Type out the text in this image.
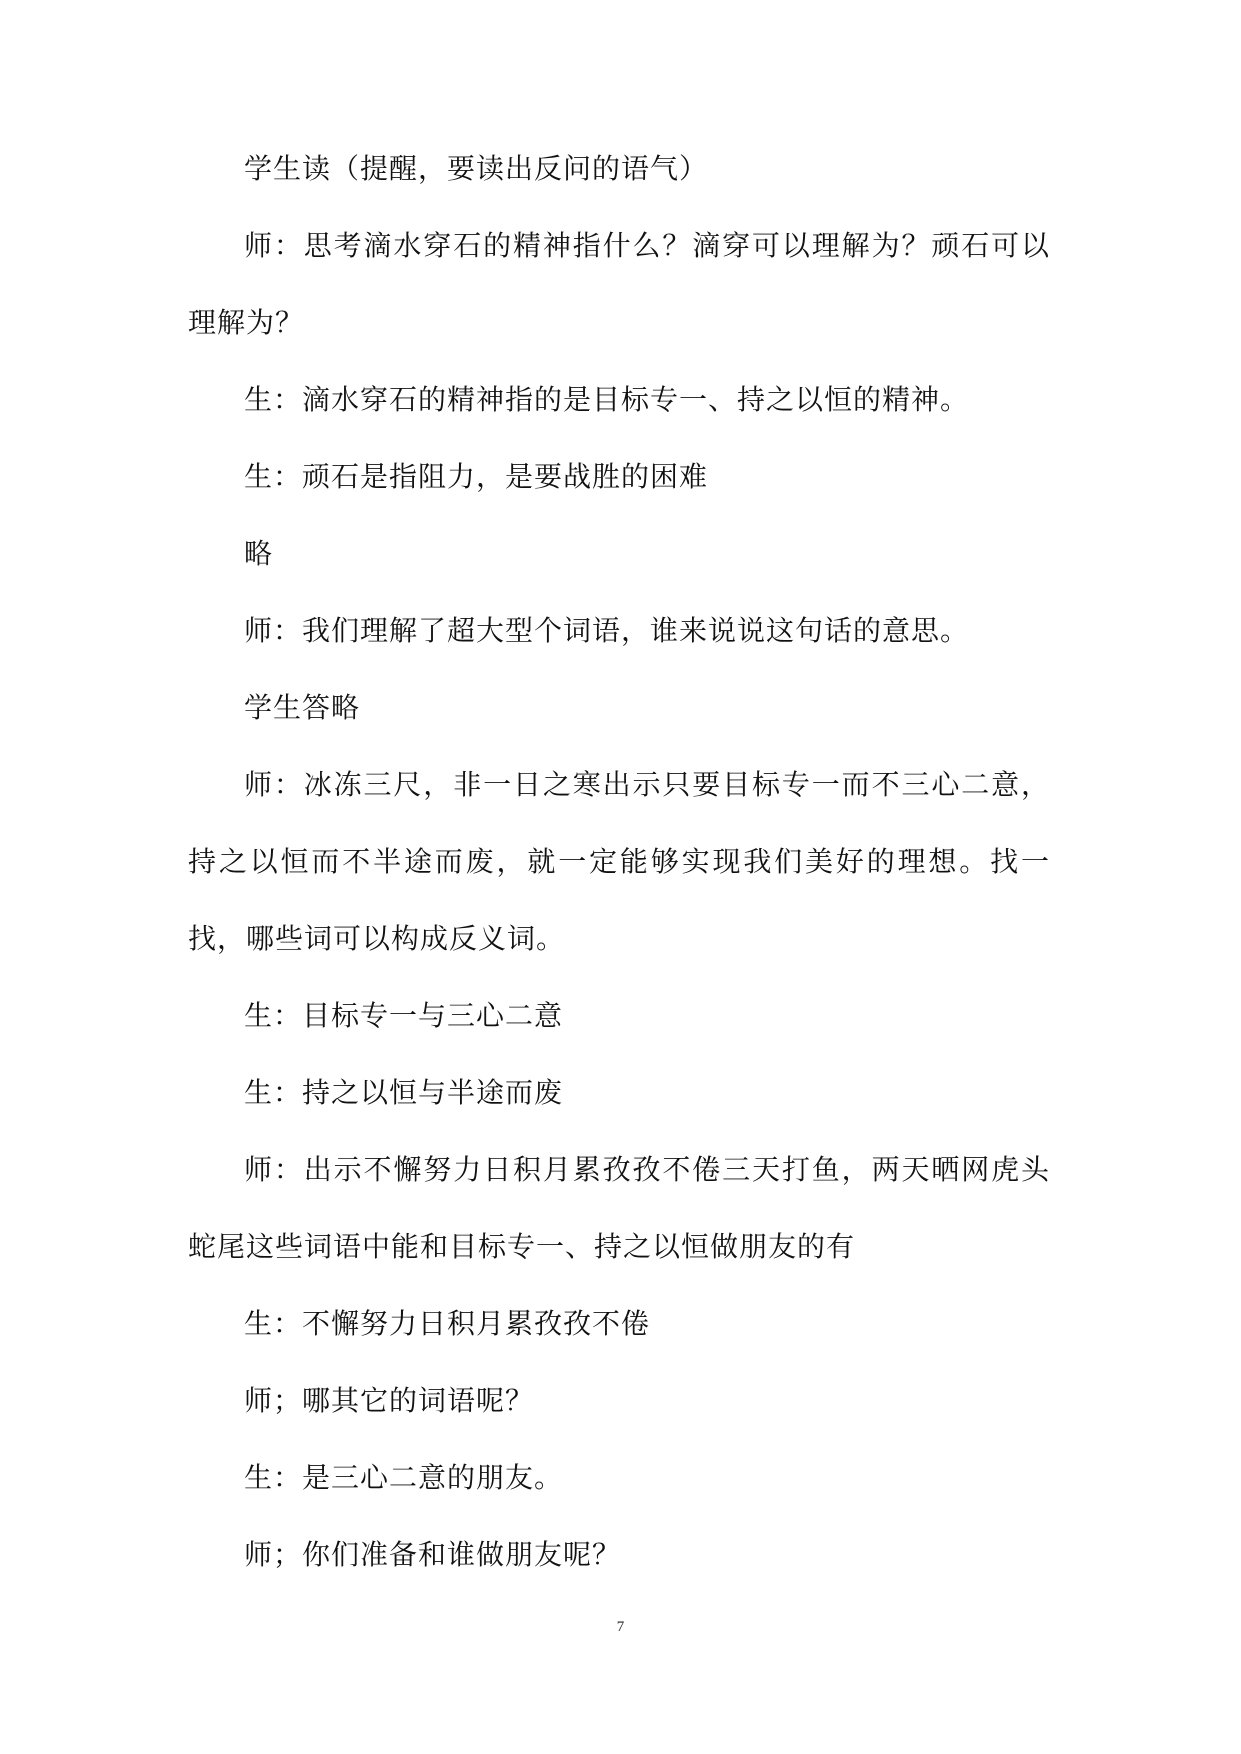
学生读（提醒，要读出反问的语气）

师：思考滴水穿石的精神指什么？滴穿可以理解为？顽石可以理解为？

生：滴水穿石的精神指的是目标专一、持之以恒的精神。

生：顽石是指阻力，是要战胜的困难

略

师：我们理解了超大型个词语，谁来说说这句话的意思。

学生答略

师：冰冻三尺，非一日之寒出示只要目标专一而不三心二意，持之以恒而不半途而废，就一定能够实现我们美好的理想。找一找，哪些词可以构成反义词。

生：目标专一与三心二意

生：持之以恒与半途而废

师：出示不懈努力日积月累孜孜不倦三天打鱼，两天晒网虎头蛇尾这些词语中能和目标专一、持之以恒做朋友的有

生：不懈努力日积月累孜孜不倦

师；哪其它的词语呢？

生：是三心二意的朋友。

师；你们准备和谁做朋友呢？

7
